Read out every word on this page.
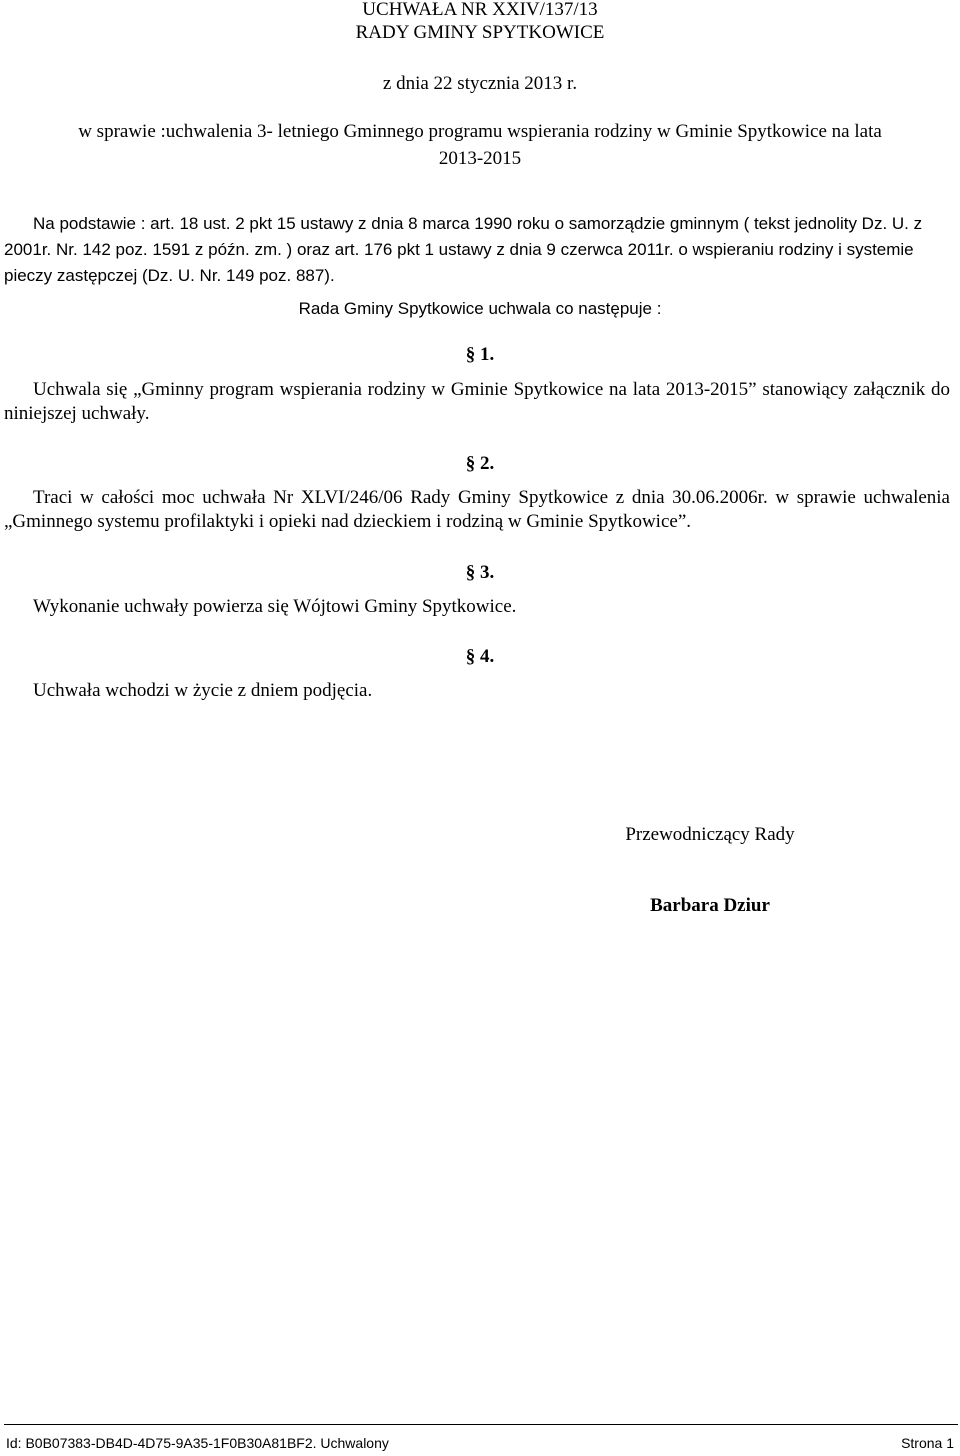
UCHWAŁA NR XXIV/137/13
RADY GMINY SPYTKOWICE
z dnia 22 stycznia 2013 r.
w sprawie :uchwalenia 3- letniego Gminnego programu wspierania rodziny w Gminie Spytkowice na lata
2013-2015
Na podstawie : art. 18 ust. 2 pkt 15 ustawy z dnia 8 marca 1990 roku o samorządzie gminnym ( tekst jednolity Dz. U. z 2001r. Nr. 142 poz. 1591 z późn. zm. ) oraz art. 176 pkt 1 ustawy z dnia 9 czerwca 2011r. o wspieraniu rodziny i systemie pieczy zastępczej (Dz. U. Nr. 149 poz. 887).
Rada Gminy Spytkowice uchwala co następuje :
§ 1.
Uchwala się „Gminny program wspierania rodziny w Gminie Spytkowice na lata 2013-2015” stanowiący załącznik do niniejszej uchwały.
§ 2.
Traci w całości moc uchwała Nr XLVI/246/06 Rady Gminy Spytkowice z dnia 30.06.2006r. w sprawie uchwalenia „Gminnego systemu profilaktyki i opieki nad dzieckiem i rodziną w Gminie Spytkowice”.
§ 3.
Wykonanie uchwały powierza się Wójtowi Gminy Spytkowice.
§ 4.
Uchwała wchodzi w życie z dniem podjęcia.
Przewodniczący Rady
Barbara Dziur
Id: B0B07383-DB4D-4D75-9A35-1F0B30A81BF2. Uchwalony	Strona 1
